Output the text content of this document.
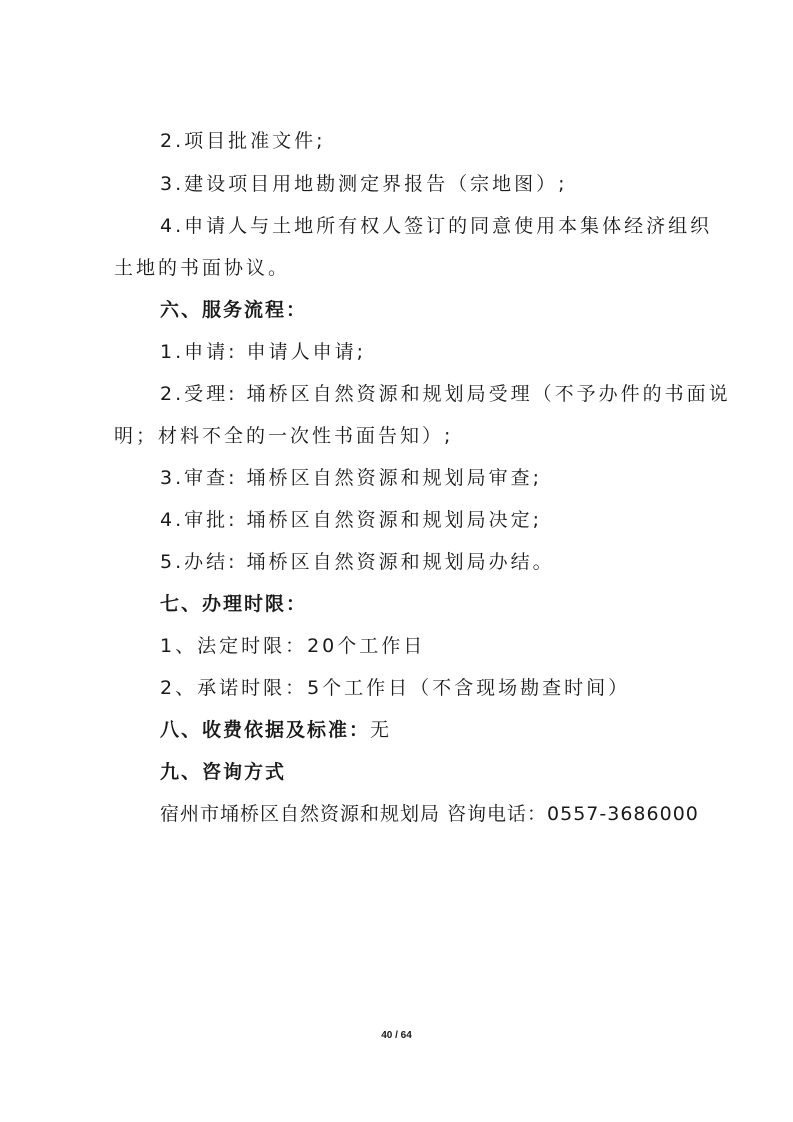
2.项目批准文件;
3.建设项目用地勘测定界报告（宗地图）;
4.申请人与土地所有权人签订的同意使用本集体经济组织
土地的书面协议。
六、服务流程：
1.申请: 申请人申请;
2.受理: 埇桥区自然资源和规划局受理（不予办件的书面说
明；材料不全的一次性书面告知）;
3.审查: 埇桥区自然资源和规划局审查;
4.审批: 埇桥区自然资源和规划局决定;
5.办结: 埇桥区自然资源和规划局办结。
七、办理时限：
1、法定时限：20个工作日
2、承诺时限：5个工作日（不含现场勘查时间）
八、收费依据及标准：无
九、咨询方式
宿州市埇桥区自然资源和规划局 咨询电话：0557-3686000
40 / 64
